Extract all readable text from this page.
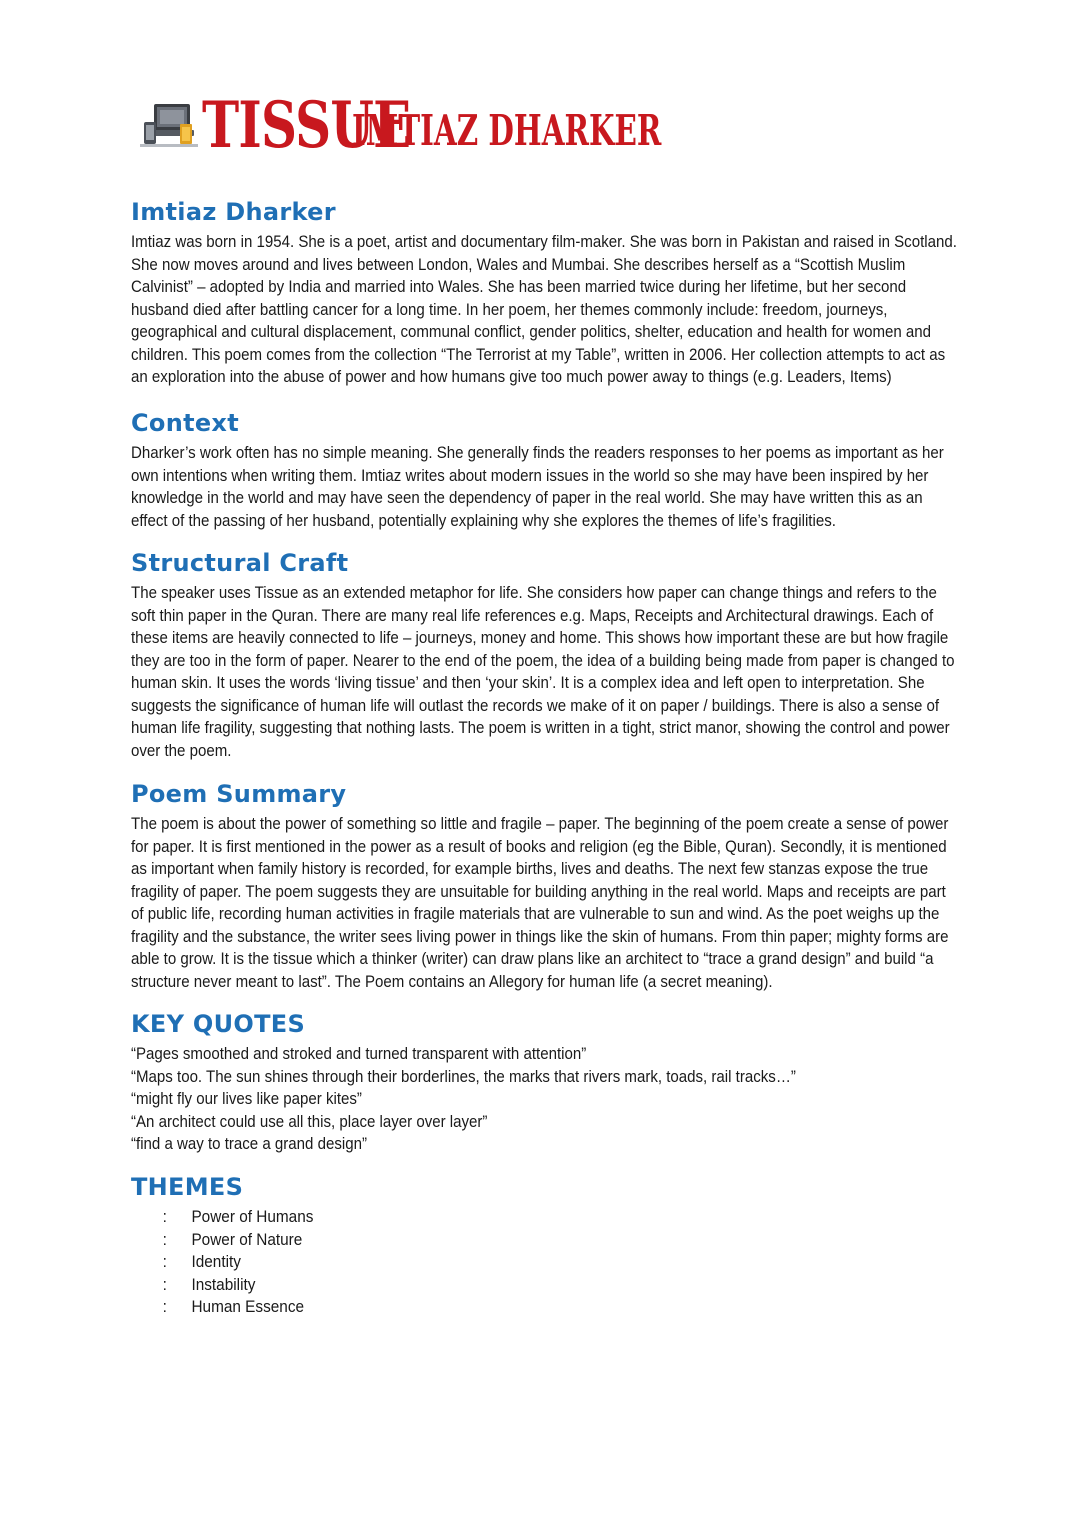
TISSUE
IMTIAZ DHARKER
Imtiaz Dharker

Imtiaz was born in 1954. She is a poet, artist and documentary film-maker. She was born in Pakistan and raised in Scotland. She now moves around and lives between London, Wales and Mumbai. She describes herself as a “Scottish Muslim Calvinist” – adopted by India and married into Wales. She has been married twice during her lifetime, but her second husband died after battling cancer for a long time. In her poem, her themes commonly include: freedom, journeys, geographical and cultural displacement, communal conflict, gender politics, shelter, education and health for women and children. This poem comes from the collection “The Terrorist at my Table”, written in 2006. Her collection attempts to act as an exploration into the abuse of power and how humans give too much power away to things (e.g. Leaders, Items)

Context

Dharker’s work often has no simple meaning. She generally finds the readers responses to her poems as important as her own intentions when writing them. Imtiaz writes about modern issues in the world so she may have been inspired by her knowledge in the world and may have seen the dependency of paper in the real world. She may have written this as an effect of the passing of her husband, potentially explaining why she explores the themes of life’s fragilities.

Structural Craft

The speaker uses Tissue as an extended metaphor for life. She considers how paper can change things and refers to the soft thin paper in the Quran. There are many real life references e.g. Maps, Receipts and Architectural drawings. Each of these items are heavily connected to life – journeys, money and home. This shows how important these are but how fragile they are too in the form of paper. Nearer to the end of the poem, the idea of a building being made from paper is changed to human skin. It uses the words ‘living tissue’ and then ‘your skin’. It is a complex idea and left open to interpretation. She suggests the significance of human life will outlast the records we make of it on paper / buildings. There is also a sense of human life fragility, suggesting that nothing lasts. The poem is written in a tight, strict manor, showing the control and power over the poem.

Poem Summary

The poem is about the power of something so little and fragile – paper. The beginning of the poem create a sense of power for paper. It is first mentioned in the power as a result of books and religion (eg the Bible, Quran). Secondly, it is mentioned as important when family history is recorded, for example births, lives and deaths. The next few stanzas expose the true fragility of paper. The poem suggests they are unsuitable for building anything in the real world. Maps and receipts are part of public life, recording human activities in fragile materials that are vulnerable to sun and wind. As the poet weighs up the fragility and the substance, the writer sees living power in things like the skin of humans. From thin paper; mighty forms are able to grow. It is the tissue which a thinker (writer) can draw plans like an architect to “trace a grand design” and build “a structure never meant to last”. The Poem contains an Allegory for human life (a secret meaning).

KEY QUOTES
“Pages smoothed and stroked and turned transparent with attention”
“Maps too. The sun shines through their borderlines, the marks that rivers mark, toads, rail tracks…”
“might fly our lives like paper kites”
“An architect could use all this, place layer over layer”
“find a way to trace a grand design”
THEMES
:	Power of Humans
:	Power of Nature
:	Identity
:	Instability
:	Human Essence
